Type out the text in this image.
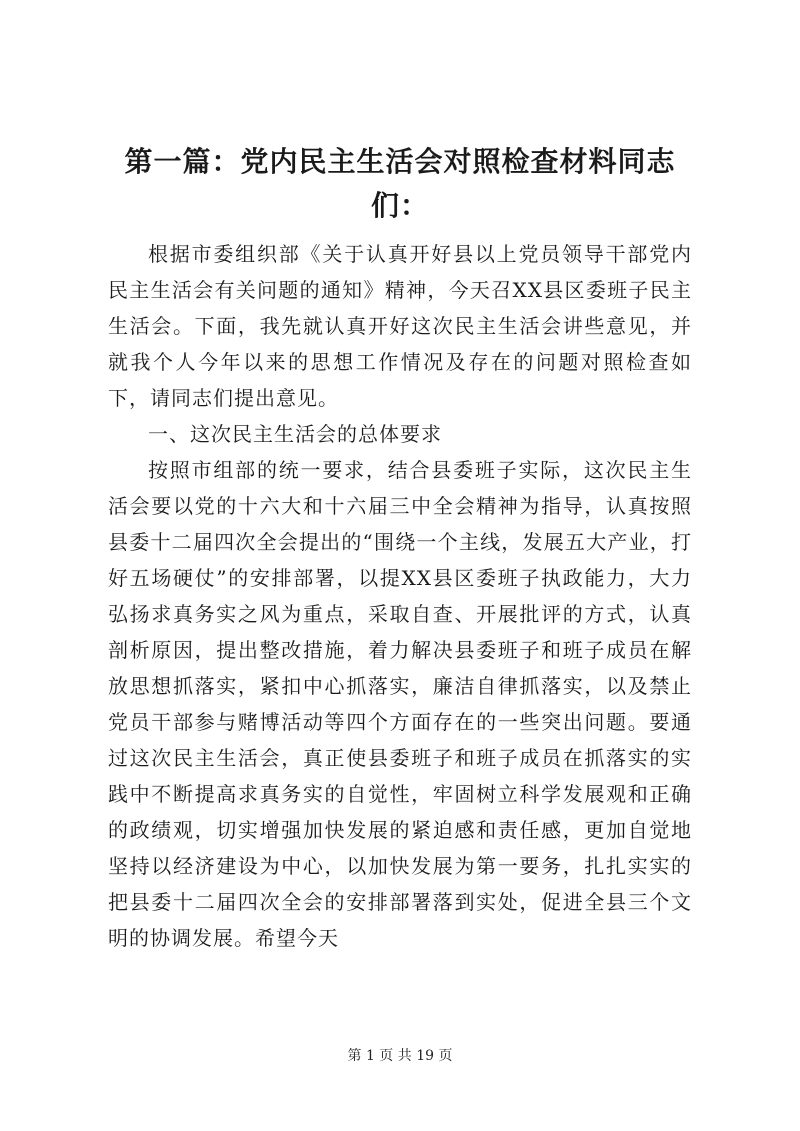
第一篇：党内民主生活会对照检查材料同志
们：

根据市委组织部《关于认真开好县以上党员领导干部党内民主生活会有关问题的通知》精神，今天召XX县区委班子民主生活会。下面，我先就认真开好这次民主生活会讲些意见，并就我个人今年以来的思想工作情况及存在的问题对照检查如下，请同志们提出意见。

一、这次民主生活会的总体要求

按照市组部的统一要求，结合县委班子实际，这次民主生活会要以党的十六大和十六届三中全会精神为指导，认真按照县委十二届四次全会提出的“围绕一个主线，发展五大产业，打好五场硬仗”的安排部署，以提XX县区委班子执政能力，大力弘扬求真务实之风为重点，采取自查、开展批评的方式，认真剖析原因，提出整改措施，着力解决县委班子和班子成员在解放思想抓落实，紧扣中心抓落实，廉洁自律抓落实，以及禁止党员干部参与赌博活动等四个方面存在的一些突出问题。要通过这次民主生活会，真正使县委班子和班子成员在抓落实的实践中不断提高求真务实的自觉性，牢固树立科学发展观和正确的政绩观，切实增强加快发展的紧迫感和责任感，更加自觉地坚持以经济建设为中心，以加快发展为第一要务，扎扎实实的把县委十二届四次全会的安排部署落到实处，促进全县三个文明的协调发展。希望今天

第 1 页 共 19 页
